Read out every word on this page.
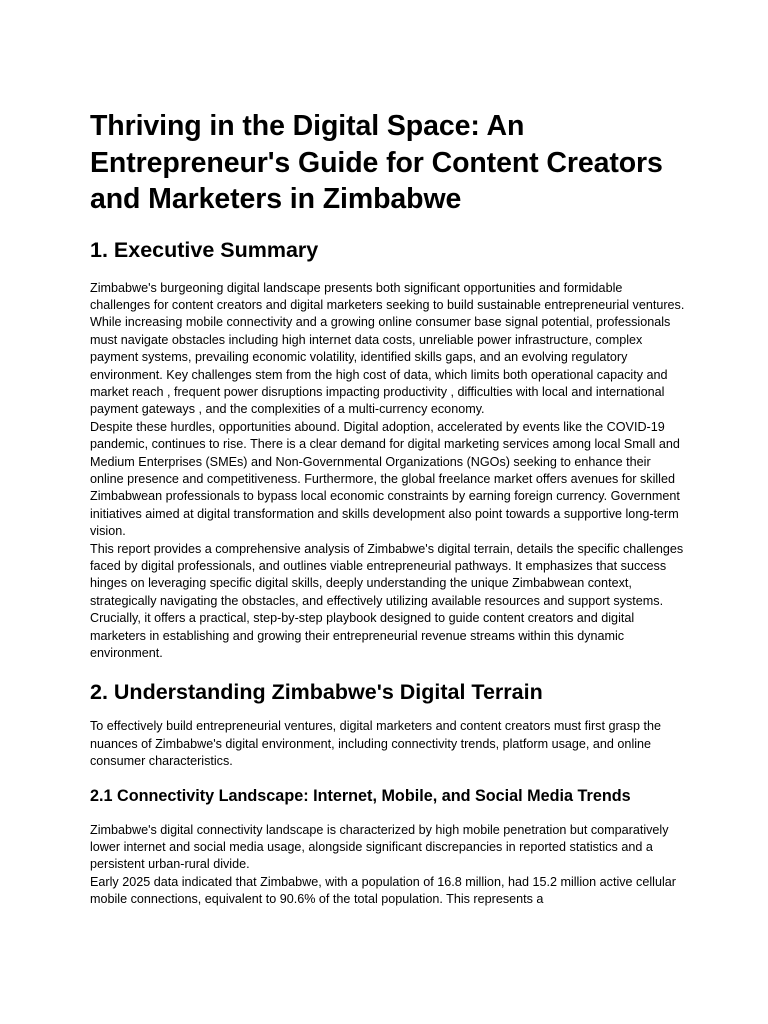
Thriving in the Digital Space: An Entrepreneur's Guide for Content Creators and Marketers in Zimbabwe
1. Executive Summary

Zimbabwe's burgeoning digital landscape presents both significant opportunities and formidable challenges for content creators and digital marketers seeking to build sustainable entrepreneurial ventures. While increasing mobile connectivity and a growing online consumer base signal potential, professionals must navigate obstacles including high internet data costs, unreliable power infrastructure, complex payment systems, prevailing economic volatility, identified skills gaps, and an evolving regulatory environment. Key challenges stem from the high cost of data, which limits both operational capacity and market reach , frequent power disruptions impacting productivity , difficulties with local and international payment gateways , and the complexities of a multi-currency economy.

Despite these hurdles, opportunities abound. Digital adoption, accelerated by events like the COVID-19 pandemic, continues to rise. There is a clear demand for digital marketing services among local Small and Medium Enterprises (SMEs) and Non-Governmental Organizations (NGOs) seeking to enhance their online presence and competitiveness. Furthermore, the global freelance market offers avenues for skilled Zimbabwean professionals to bypass local economic constraints by earning foreign currency. Government initiatives aimed at digital transformation and skills development also point towards a supportive long-term vision.

This report provides a comprehensive analysis of Zimbabwe's digital terrain, details the specific challenges faced by digital professionals, and outlines viable entrepreneurial pathways. It emphasizes that success hinges on leveraging specific digital skills, deeply understanding the unique Zimbabwean context, strategically navigating the obstacles, and effectively utilizing available resources and support systems. Crucially, it offers a practical, step-by-step playbook designed to guide content creators and digital marketers in establishing and growing their entrepreneurial revenue streams within this dynamic environment.

2. Understanding Zimbabwe's Digital Terrain

To effectively build entrepreneurial ventures, digital marketers and content creators must first grasp the nuances of Zimbabwe's digital environment, including connectivity trends, platform usage, and online consumer characteristics.

2.1 Connectivity Landscape: Internet, Mobile, and Social Media Trends

Zimbabwe's digital connectivity landscape is characterized by high mobile penetration but comparatively lower internet and social media usage, alongside significant discrepancies in reported statistics and a persistent urban-rural divide.

Early 2025 data indicated that Zimbabwe, with a population of 16.8 million, had 15.2 million active cellular mobile connections, equivalent to 90.6% of the total population. This represents a
